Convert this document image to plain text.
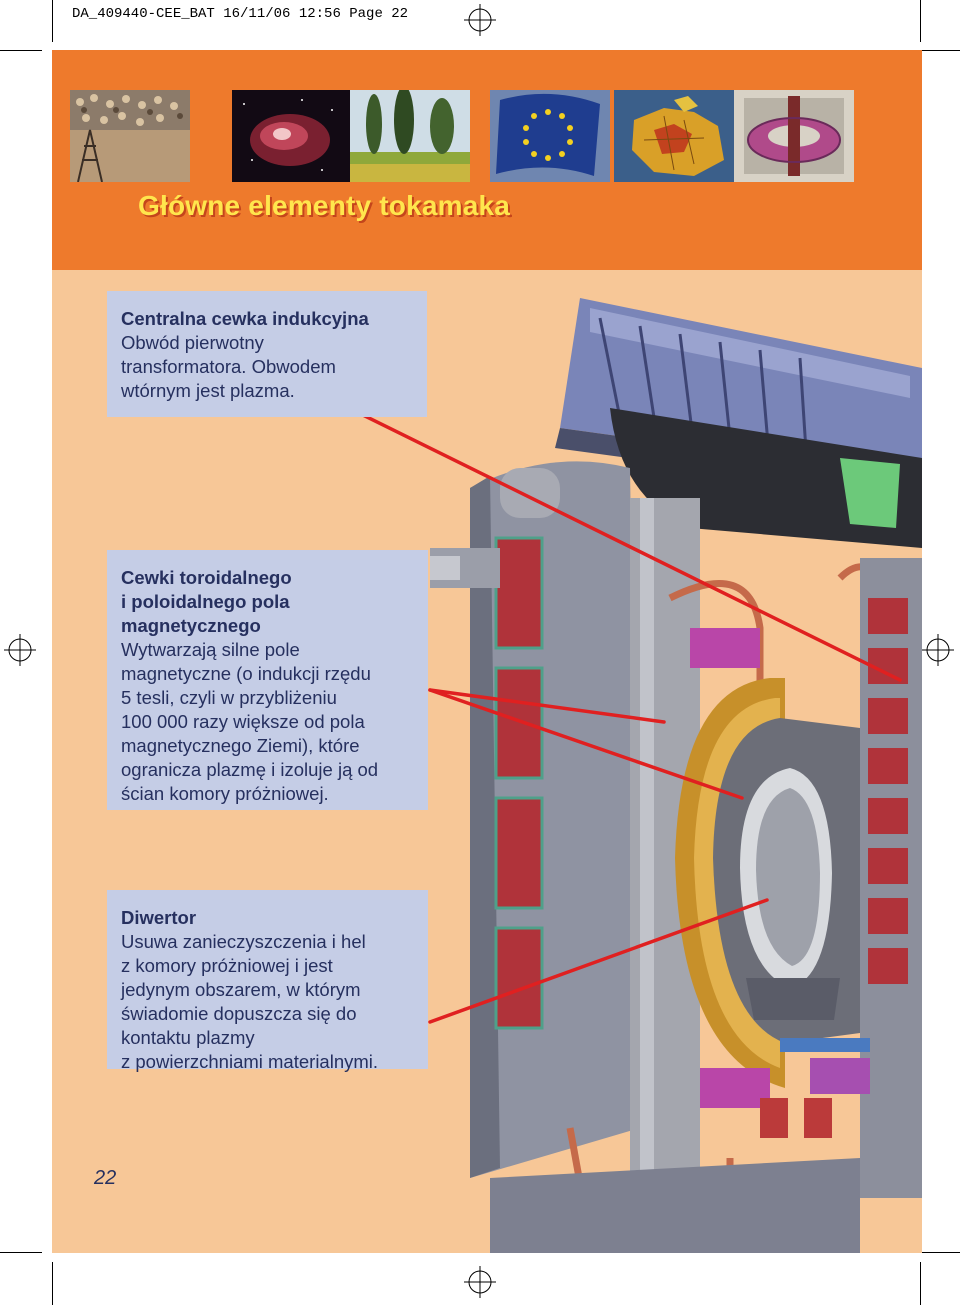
DA_409440-CEE_BAT 16/11/06 12:56 Page 22
Główne elementy tokamaka
Centralna cewka indukcyjna
Obwód pierwotny
transformatora. Obwodem
wtórnym jest plazma.
Cewki toroidalnego
i poloidalnego pola
magnetycznego
Wytwarzają silne pole
magnetyczne (o indukcji rzędu
5 tesli, czyli w przybliżeniu
100 000 razy większe od pola
magnetycznego Ziemi), które
ogranicza plazmę i izoluje ją od
ścian komory próżniowej.
Diwertor
Usuwa zanieczyszczenia i hel
z komory próżniowej i jest
jedynym obszarem, w którym
świadomie dopuszcza się do
kontaktu plazmy
z powierzchniami materialnymi.
22
